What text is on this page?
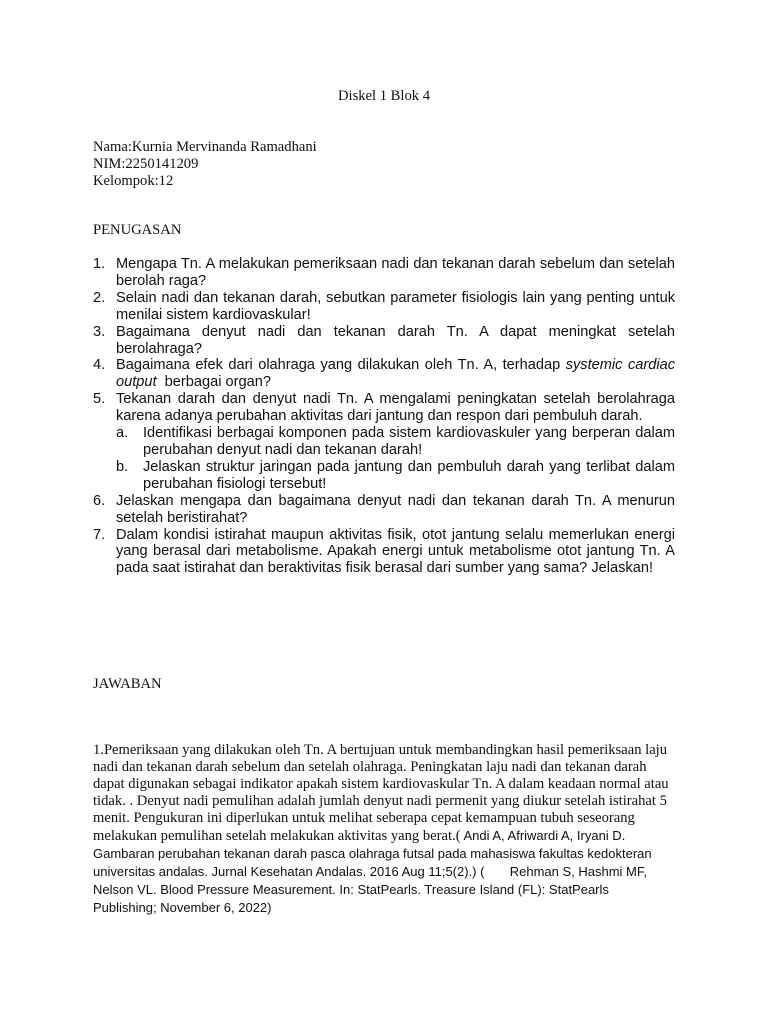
Diskel 1 Blok 4
Nama:Kurnia Mervinanda Ramadhani
NIM:2250141209
Kelompok:12
PENUGASAN
1. Mengapa Tn. A melakukan pemeriksaan nadi dan tekanan darah sebelum dan setelah berolah raga?
2. Selain nadi dan tekanan darah, sebutkan parameter fisiologis lain yang penting untuk menilai sistem kardiovaskular!
3. Bagaimana denyut nadi dan tekanan darah Tn. A dapat meningkat setelah berolahraga?
4. Bagaimana efek dari olahraga yang dilakukan oleh Tn. A, terhadap systemic cardiac output  berbagai organ?
5. Tekanan darah dan denyut nadi Tn. A mengalami peningkatan setelah berolahraga karena adanya perubahan aktivitas dari jantung dan respon dari pembuluh darah.
a. Identifikasi berbagai komponen pada sistem kardiovaskuler yang berperan dalam perubahan denyut nadi dan tekanan darah!
b. Jelaskan struktur jaringan pada jantung dan pembuluh darah yang terlibat dalam perubahan fisiologi tersebut!
6. Jelaskan mengapa dan bagaimana denyut nadi dan tekanan darah Tn. A menurun setelah beristirahat?
7. Dalam kondisi istirahat maupun aktivitas fisik, otot jantung selalu memerlukan energi yang berasal dari metabolisme. Apakah energi untuk metabolisme otot jantung Tn. A pada saat istirahat dan beraktivitas fisik berasal dari sumber yang sama? Jelaskan!
JAWABAN
1.Pemeriksaan yang dilakukan oleh Tn. A bertujuan untuk membandingkan hasil pemeriksaan laju nadi dan tekanan darah sebelum dan setelah olahraga. Peningkatan laju nadi dan tekanan darah dapat digunakan sebagai indikator apakah sistem kardiovaskular Tn. A dalam keadaan normal atau tidak. . Denyut nadi pemulihan adalah jumlah denyut nadi permenit yang diukur setelah istirahat 5 menit. Pengukuran ini diperlukan untuk melihat seberapa cepat kemampuan tubuh seseorang melakukan pemulihan setelah melakukan aktivitas yang berat.( Andi A, Afriwardi A, Iryani D. Gambaran perubahan tekanan darah pasca olahraga futsal pada mahasiswa fakultas kedokteran universitas andalas. Jurnal Kesehatan Andalas. 2016 Aug 11;5(2).) (       Rehman S, Hashmi MF, Nelson VL. Blood Pressure Measurement. In: StatPearls. Treasure Island (FL): StatPearls Publishing; November 6, 2022)
